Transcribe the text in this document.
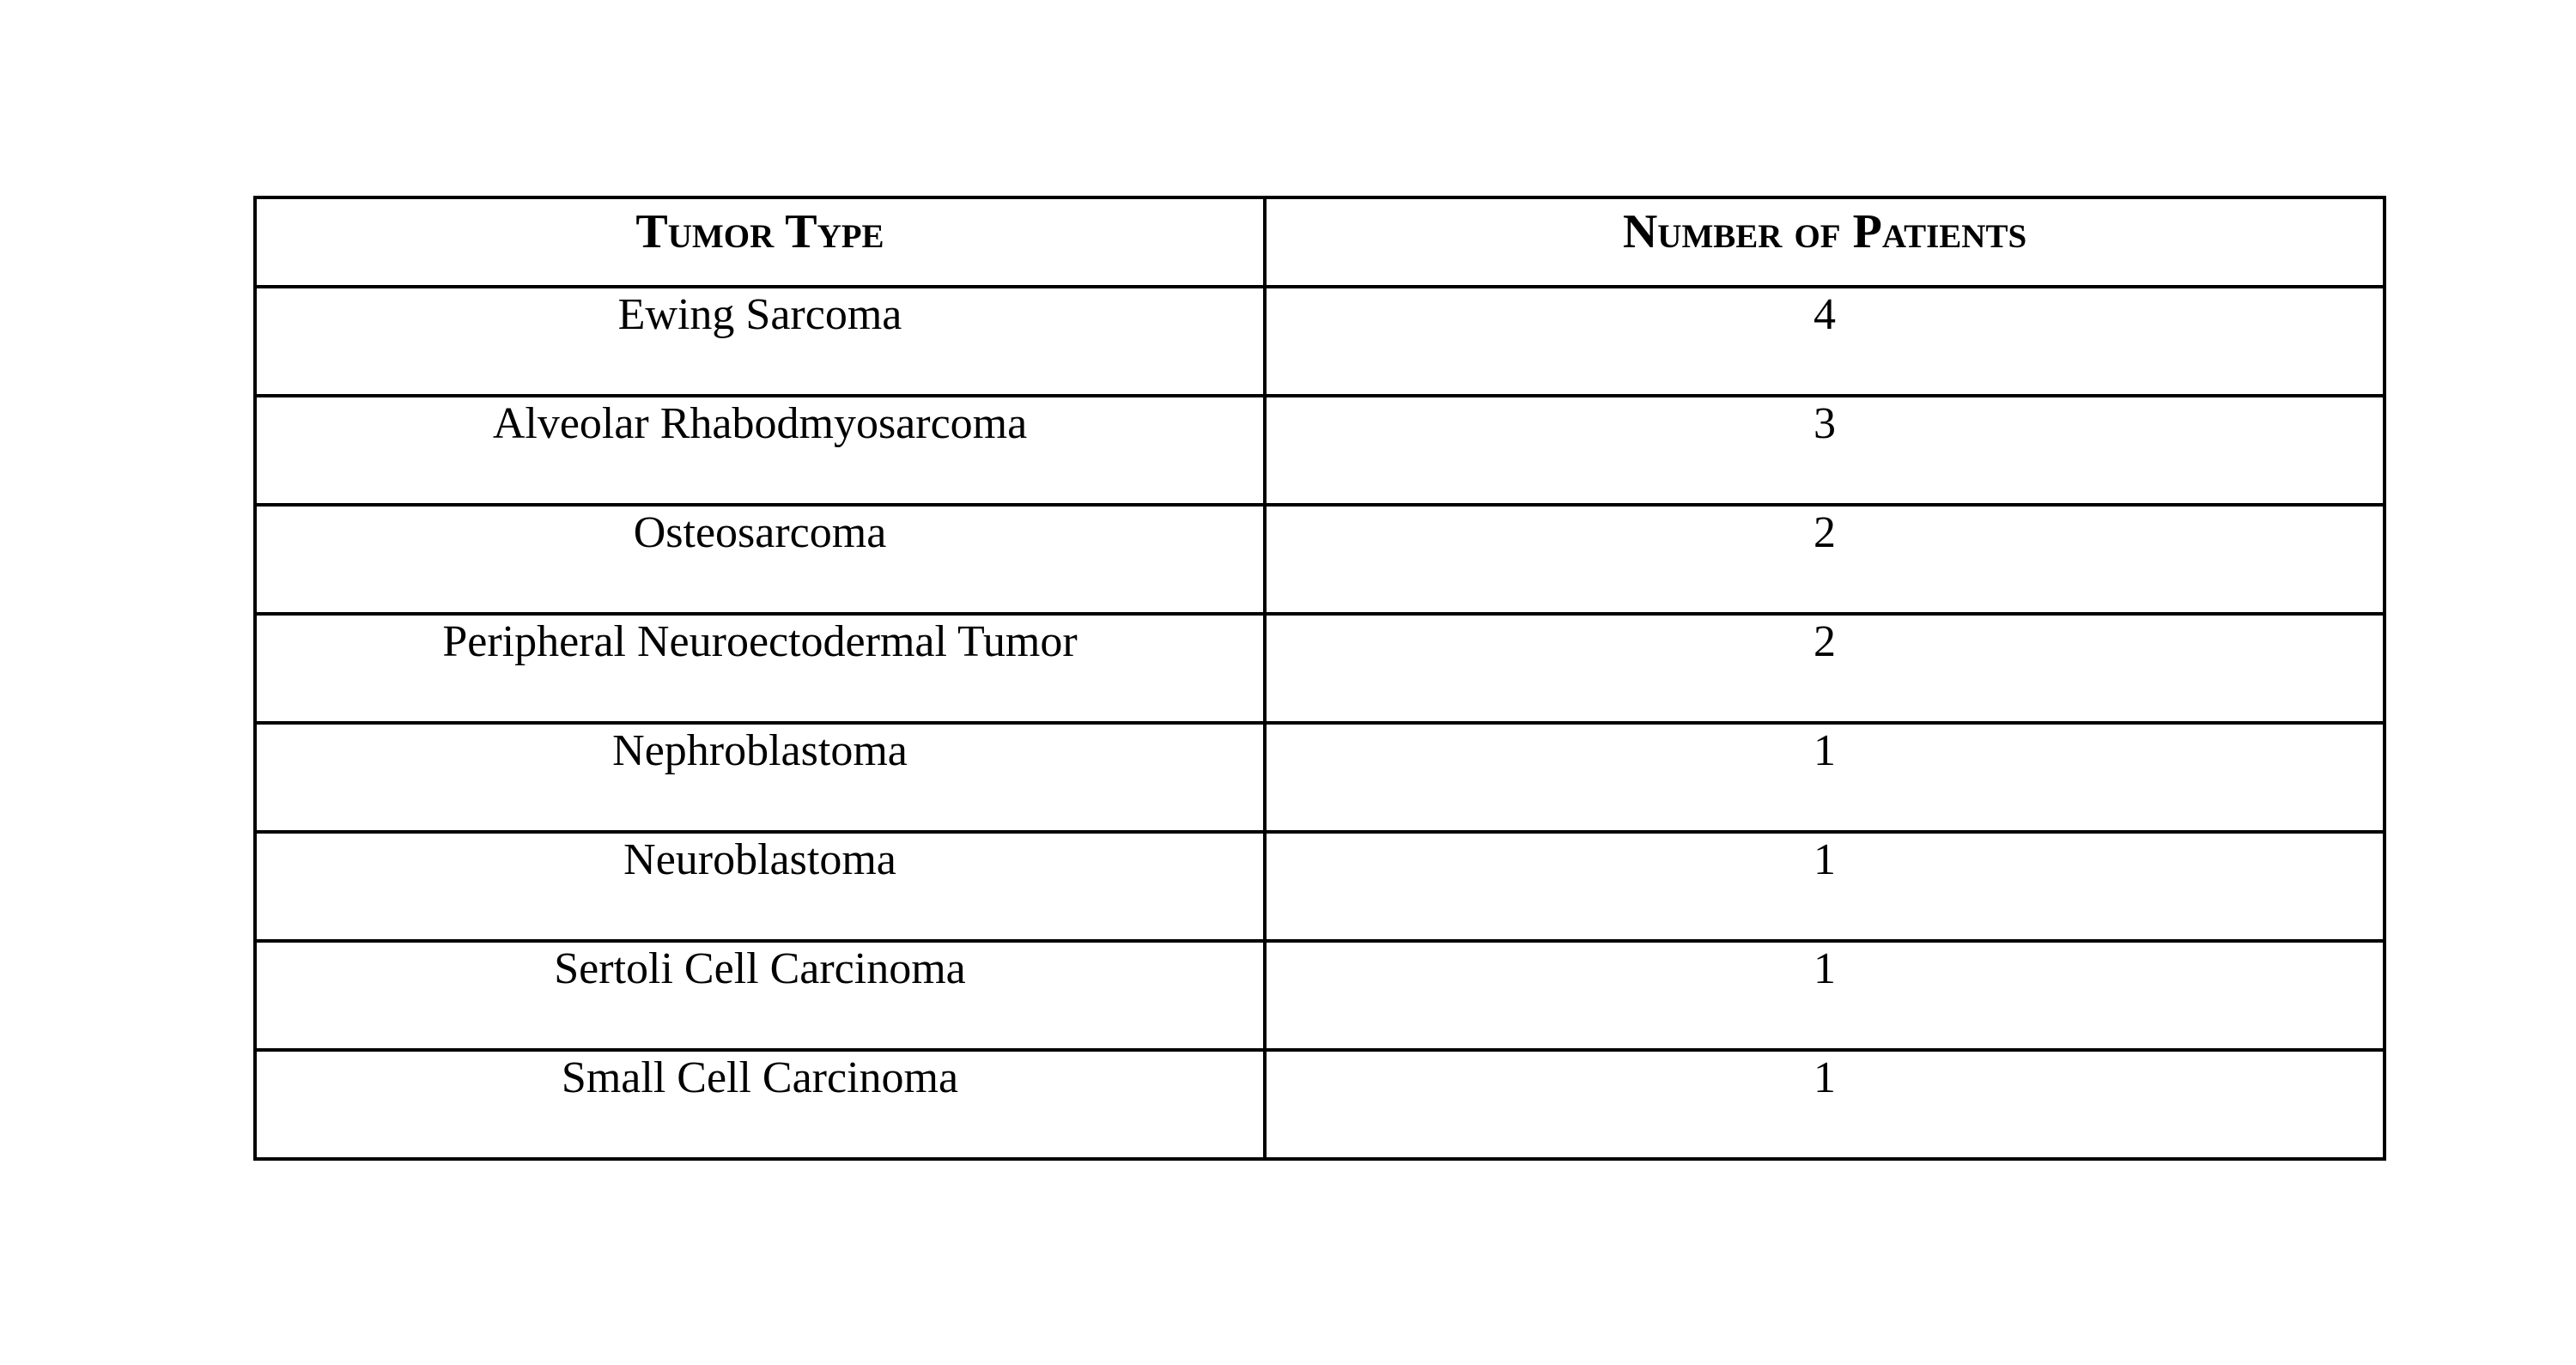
Tumor Type	Number of Patients
Ewing Sarcoma	4
Alveolar Rhabodmyosarcoma	3
Osteosarcoma	2
Peripheral Neuroectodermal Tumor	2
Nephroblastoma	1
Neuroblastoma	1
Sertoli Cell Carcinoma	1
Small Cell Carcinoma	1
